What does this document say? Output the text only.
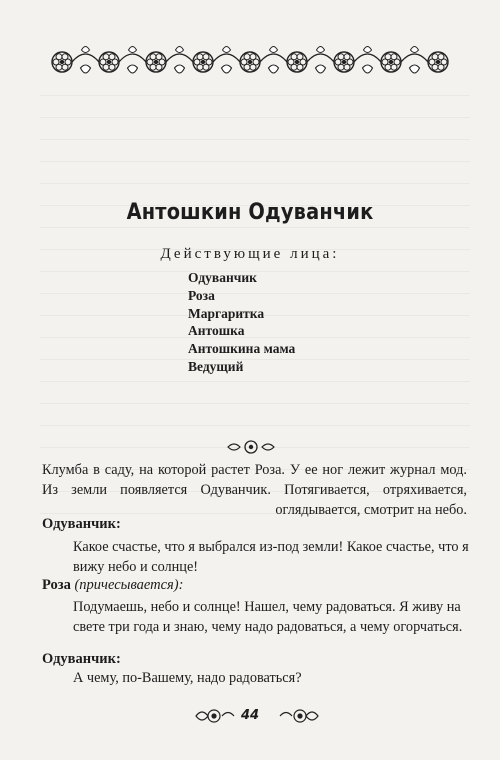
Антошкин Одуванчик
Действующие лица:
Одуванчик
Роза
Маргаритка
Антошка
Антошкина мама
Ведущий

Клумба в саду, на которой растет Роза. У ее ног лежит журнал мод. Из земли появляется Одуванчик. Потягивается, отряхивается, оглядывается, смотрит на небо.

Одуванчик:

Какое счастье, что я выбрался из-под земли! Какое счастье, что я вижу небо и солнце!

Роза (причесывается):

Подумаешь, небо и солнце! Нашел, чему радоваться. Я живу на свете три года и знаю, чему надо радоваться, а чему огорчаться.

Одуванчик:

А чему, по-Вашему, надо радоваться?

44
